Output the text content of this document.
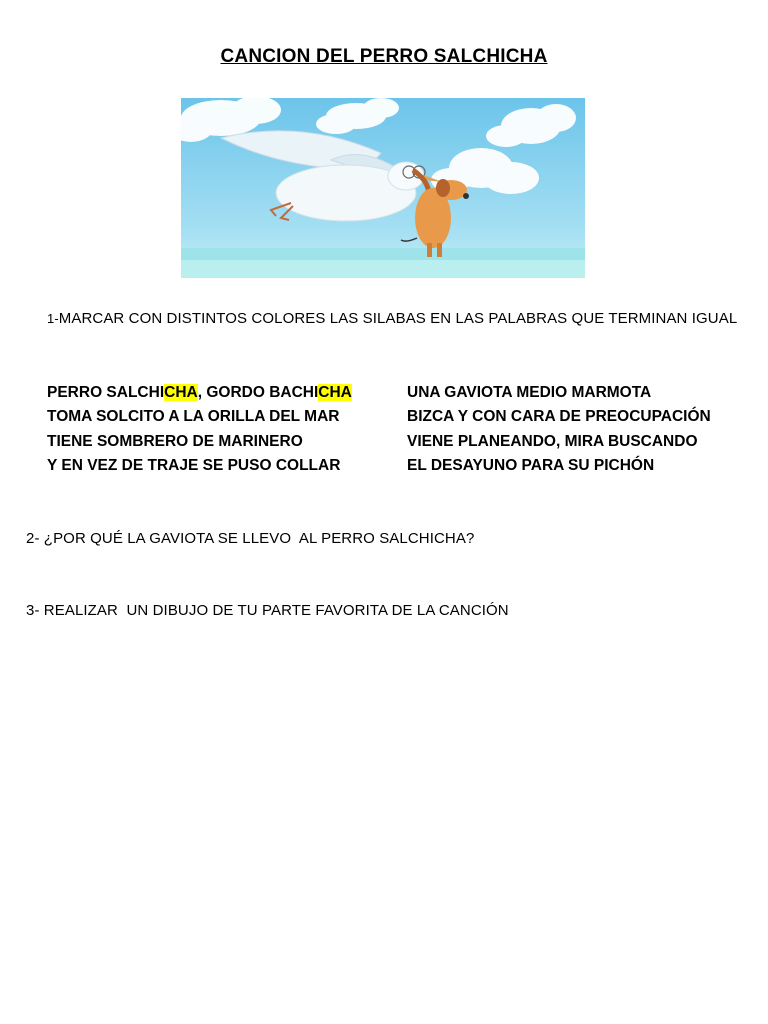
CANCION DEL PERRO SALCHICHA
1-MARCAR CON DISTINTOS COLORES LAS SILABAS EN LAS PALABRAS QUE TERMINAN IGUAL
PERRO SALCHICHA, GORDO BACHICHA
TOMA SOLCITO A LA ORILLA DEL MAR
TIENE SOMBRERO DE MARINERO
Y EN VEZ DE TRAJE SE PUSO COLLAR
UNA GAVIOTA MEDIO MARMOTA
BIZCA Y CON CARA DE PREOCUPACIÓN
VIENE PLANEANDO, MIRA BUSCANDO
EL DESAYUNO PARA SU PICHÓN
2- ¿POR QUÉ LA GAVIOTA SE LLEVO  AL PERRO SALCHICHA?
3- REALIZAR  UN DIBUJO DE TU PARTE FAVORITA DE LA CANCIÓN
